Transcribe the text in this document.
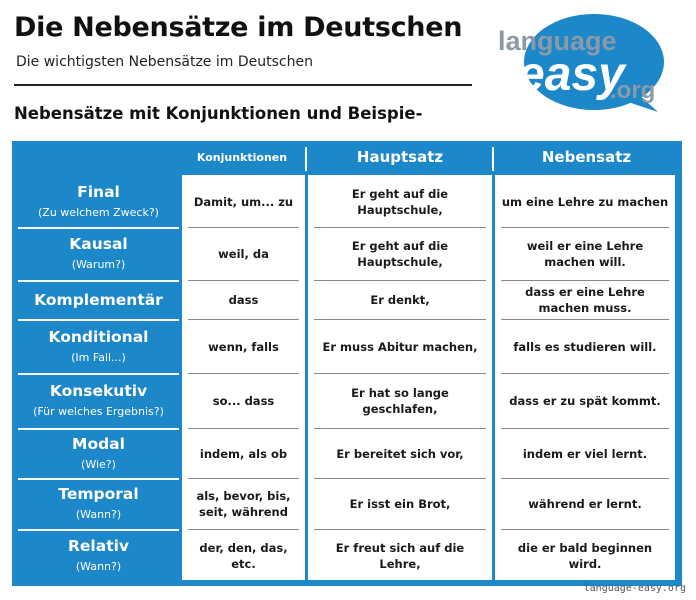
Die Nebensätze im Deutschen
Die wichtigsten Nebensätze im Deutschen
Nebensätze mit Konjunktionen und Beispie-
language
easy
.org
Konjunktionen	Hauptsatz	Nebensatz
Damit, um... zu
weil, da
dass
wenn, falls
so... dass
indem, als ob
als, bevor, bis, seit, während
der, den, das, etc.
Er geht auf die Hauptschule,
Er geht auf die Hauptschule,
Er denkt,
Er muss Abitur machen,
Er hat so lange geschlafen,
Er bereitet sich vor,
Er isst ein Brot,
Er freut sich auf die Lehre,
um eine Lehre zu machen
weil er eine Lehre machen will.
dass er eine Lehre machen muss.
falls es studieren will.
dass er zu spät kommt.
indem er viel lernt.
während er lernt.
die er bald beginnen wird.
Final
(Zu welchem Zweck?)
Kausal
(Warum?)
Komplementär
Konditional
(Im Fall...)
Konsekutiv
(Für welches Ergebnis?)
Modal
(Wie?)
Temporal
(Wann?)
Relativ
(Wann?)
language-easy.org
